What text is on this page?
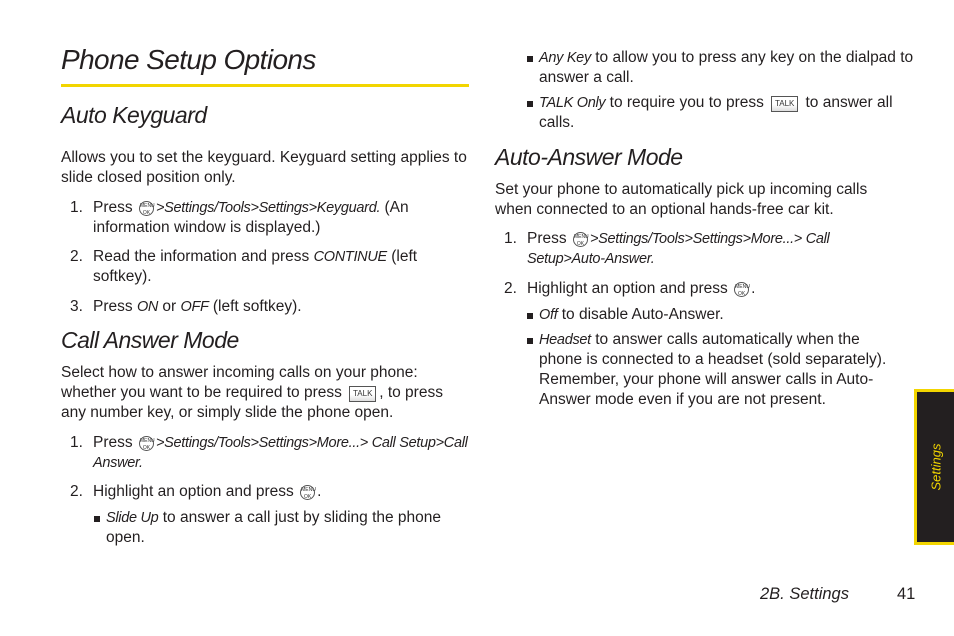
Phone Setup Options
Auto Keyguard

Allows you to set the keyguard. Keyguard setting applies to slide closed position only.

1. Press MENU
OK >Settings/Tools>Settings>Keyguard. (An information window is displayed.)
2. Read the information and press CONTINUE (left softkey).
3. Press ON or OFF (left softkey).
Call Answer Mode

Select how to answer incoming calls on your phone: whether you want to be required to press TALK , to press any number key, or simply slide the phone open.

1. Press MENU
OK >Settings/Tools>Settings>More...> Call Setup>Call Answer.
2. Highlight an option and press MENU
OK .
Slide Up to answer a call just by sliding the phone open.
Any Key to allow you to press any key on the dialpad to answer a call.
TALK Only to require you to press TALK to answer all calls.
Auto-Answer Mode

Set your phone to automatically pick up incoming calls when connected to an optional hands-free car kit.

1. Press MENU
OK >Settings/Tools>Settings>More...> Call Setup>Auto-Answer.
2. Highlight an option and press MENU
OK .
Off to disable Auto-Answer.
Headset to answer calls automatically when the phone is connected to a headset (sold separately). Remember, your phone will answer calls in Auto-Answer mode even if you are not present.
Settings
2B. Settings	41
